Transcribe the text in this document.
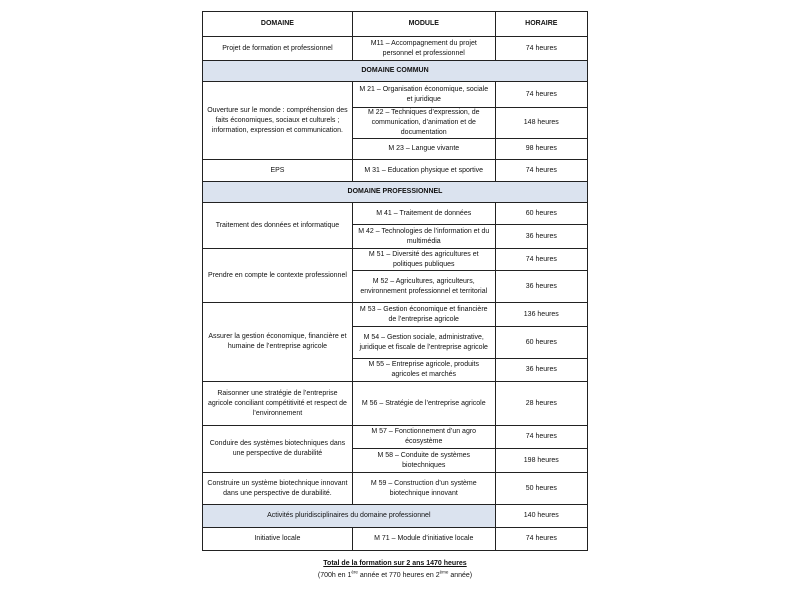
DOMAINE	MODULE	HORAIRE
Projet de formation et professionnel	M11 – Accompagnement du projet personnel et professionnel	74 heures
DOMAINE COMMUN		
Ouverture sur le monde : compréhension des faits économiques, sociaux et culturels ; information, expression et communication.	M 21 – Organisation économique, sociale et juridique	74 heures
	M 22 – Techniques d’expression, de communication, d’animation et de documentation	148 heures
	M 23 – Langue vivante	98 heures
EPS	M 31 – Education physique et sportive	74 heures
DOMAINE PROFESSIONNEL		
Traitement des données et informatique	M 41 – Traitement de données	60 heures
	M 42 – Technologies de l’information et du multimédia	36 heures
Prendre en compte le contexte professionnel	M 51 – Diversité des agricultures et politiques publiques	74 heures
	M 52 – Agricultures, agriculteurs, environnement professionnel et territorial	36 heures
Assurer la gestion économique, financière et humaine de l’entreprise agricole	M 53 – Gestion économique et financière de l’entreprise agricole	136 heures
	M 54 – Gestion sociale, administrative, juridique et fiscale de l’entreprise agricole	60 heures
	M 55 – Entreprise agricole, produits agricoles et marchés	36 heures
Raisonner une stratégie de l’entreprise agricole conciliant compétitivité et respect de l’environnement	M 56 – Stratégie de l’entreprise agricole	28 heures
Conduire des systèmes biotechniques dans une perspective de durabilité	M 57 – Fonctionnement d’un agro écosystème	74 heures
	M 58 – Conduite de systèmes biotechniques	198 heures
Construire un système biotechnique innovant dans une perspective de durabilité.	M 59 – Construction d’un système biotechnique innovant	50 heures
Activités pluridisciplinaires du domaine professionnel		140 heures
Initiative locale	M 71 – Module d’initiative locale	74 heures
Total de la formation sur 2 ans 1470 heures
(700h en 1ère année et 770 heures en 2ème année)
